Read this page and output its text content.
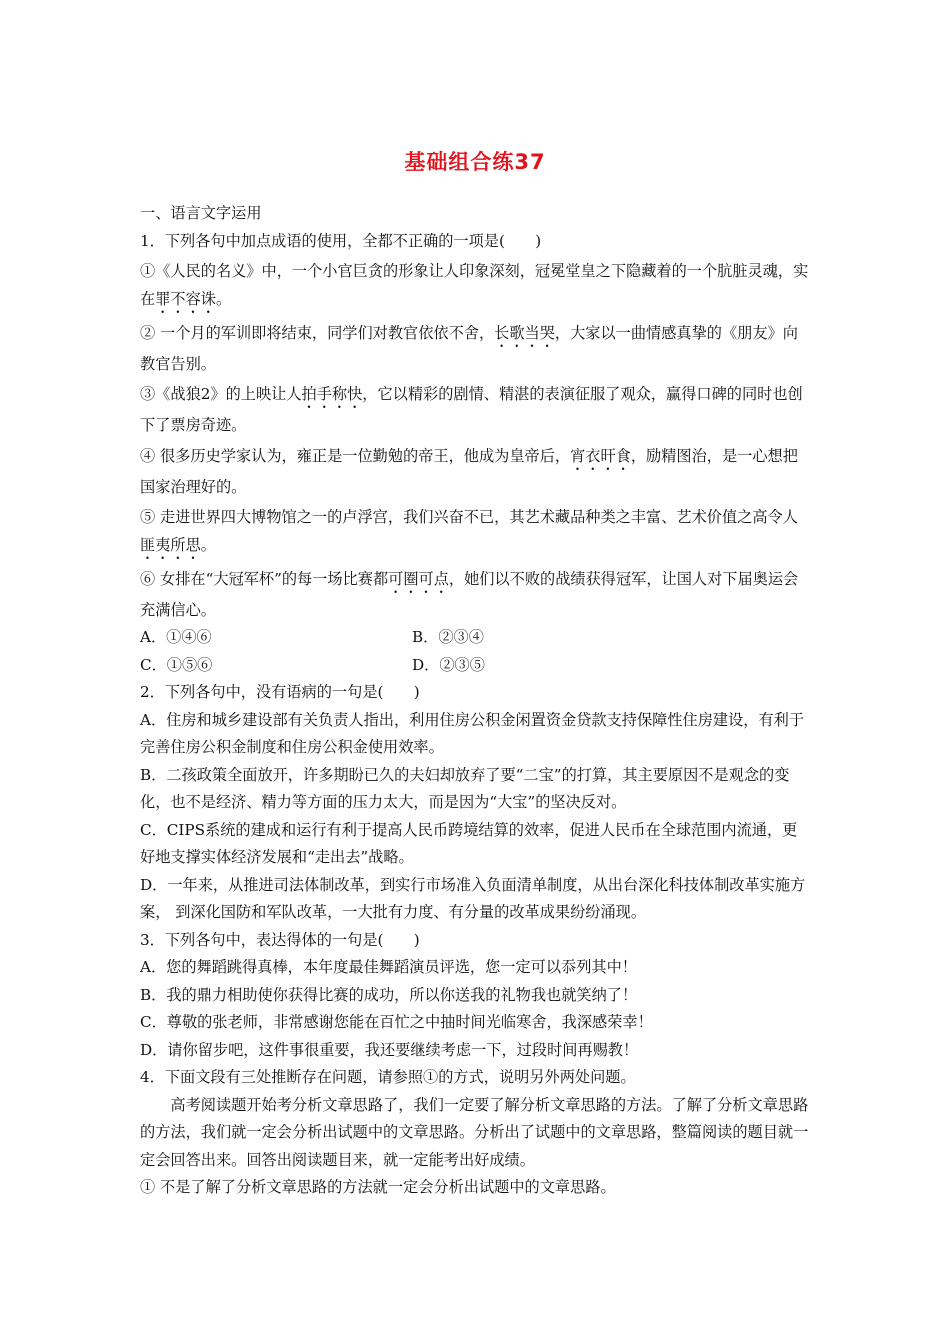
基础组合练37

一、语言文字运用

1．下列各句中加点成语的使用，全都不正确的一项是(　　)

①《人民的名义》中，一个小官巨贪的形象让人印象深刻，冠冕堂皇之下隐藏着的一个肮脏灵魂，实在罪不容诛。

② 一个月的军训即将结束，同学们对教官依依不舍，长歌当哭，大家以一曲情感真挚的《朋友》向教官告别。

③《战狼2》的上映让人拍手称快，它以精彩的剧情、精湛的表演征服了观众，赢得口碑的同时也创下了票房奇迹。

④ 很多历史学家认为，雍正是一位勤勉的帝王，他成为皇帝后，宵衣旰食，励精图治，是一心想把国家治理好的。

⑤ 走进世界四大博物馆之一的卢浮宫，我们兴奋不已，其艺术藏品种类之丰富、艺术价值之高令人匪夷所思。

⑥ 女排在“大冠军杯”的每一场比赛都可圈可点，她们以不败的战绩获得冠军，让国人对下届奥运会充满信心。

A．①④⑥	B．②③④
C．①⑤⑥	D．②③⑤

2．下列各句中，没有语病的一句是(　　)

A．住房和城乡建设部有关负责人指出，利用住房公积金闲置资金贷款支持保障性住房建设，有利于完善住房公积金制度和住房公积金使用效率。

B．二孩政策全面放开，许多期盼已久的夫妇却放弃了要“二宝”的打算，其主要原因不是观念的变化，也不是经济、精力等方面的压力太大，而是因为“大宝”的坚决反对。

C．CIPS系统的建成和运行有利于提高人民币跨境结算的效率，促进人民币在全球范围内流通，更好地支撑实体经济发展和“走出去”战略。

D．一年来，从推进司法体制改革，到实行市场准入负面清单制度，从出台深化科技体制改革实施方案， 到深化国防和军队改革，一大批有力度、有分量的改革成果纷纷涌现。

3．下列各句中，表达得体的一句是(　　)

A．您的舞蹈跳得真棒，本年度最佳舞蹈演员评选，您一定可以忝列其中！

B．我的鼎力相助使你获得比赛的成功，所以你送我的礼物我也就笑纳了！

C．尊敬的张老师，非常感谢您能在百忙之中抽时间光临寒舍，我深感荣幸！

D．请你留步吧，这件事很重要，我还要继续考虑一下，过段时间再赐教！

4．下面文段有三处推断存在问题，请参照①的方式，说明另外两处问题。

高考阅读题开始考分析文章思路了，我们一定要了解分析文章思路的方法。了解了分析文章思路的方法，我们就一定会分析出试题中的文章思路。分析出了试题中的文章思路，整篇阅读的题目就一定会回答出来。回答出阅读题目来，就一定能考出好成绩。

① 不是了解了分析文章思路的方法就一定会分析出试题中的文章思路。
